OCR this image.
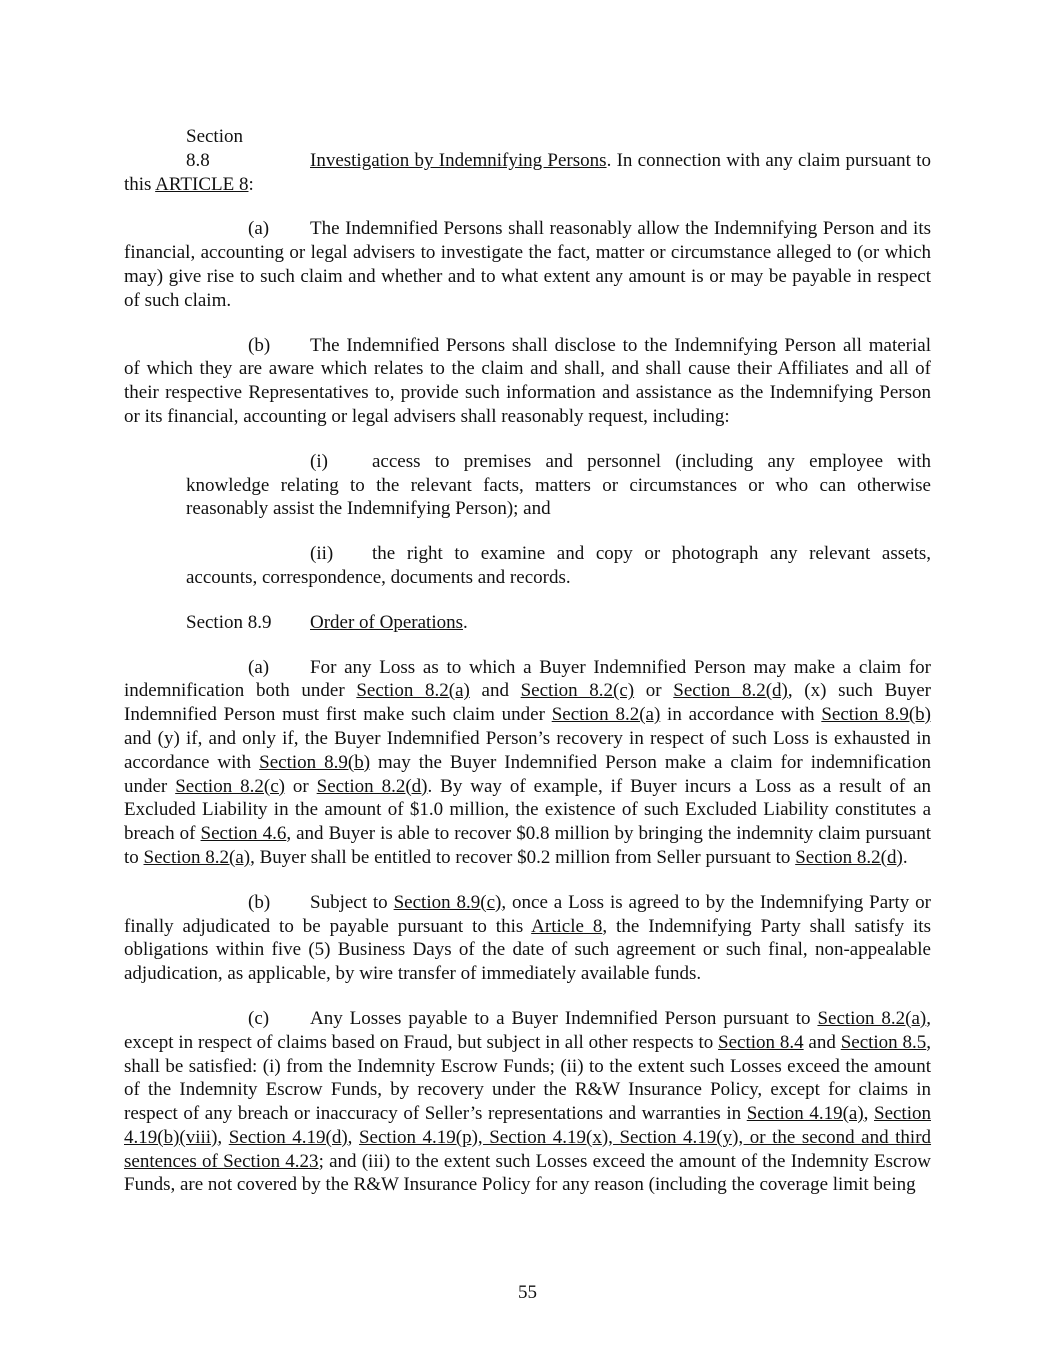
Section 8.8	Investigation by Indemnifying Persons. In connection with any claim pursuant to this ARTICLE 8:

(a) The Indemnified Persons shall reasonably allow the Indemnifying Person and its financial, accounting or legal advisers to investigate the fact, matter or circumstance alleged to (or which may) give rise to such claim and whether and to what extent any amount is or may be payable in respect of such claim.

(b) The Indemnified Persons shall disclose to the Indemnifying Person all material of which they are aware which relates to the claim and shall, and shall cause their Affiliates and all of their respective Representatives to, provide such information and assistance as the Indemnifying Person or its financial, accounting or legal advisers shall reasonably request, including:

(i) access to premises and personnel (including any employee with knowledge relating to the relevant facts, matters or circumstances or who can otherwise reasonably assist the Indemnifying Person); and

(ii) the right to examine and copy or photograph any relevant assets, accounts, correspondence, documents and records.

Section 8.9 Order of Operations.

(a) For any Loss as to which a Buyer Indemnified Person may make a claim for indemnification both under Section 8.2(a) and Section 8.2(c) or Section 8.2(d), (x) such Buyer Indemnified Person must first make such claim under Section 8.2(a) in accordance with Section 8.9(b) and (y) if, and only if, the Buyer Indemnified Person’s recovery in respect of such Loss is exhausted in accordance with Section 8.9(b) may the Buyer Indemnified Person make a claim for indemnification under Section 8.2(c) or Section 8.2(d). By way of example, if Buyer incurs a Loss as a result of an Excluded Liability in the amount of $1.0 million, the existence of such Excluded Liability constitutes a breach of Section 4.6, and Buyer is able to recover $0.8 million by bringing the indemnity claim pursuant to Section 8.2(a), Buyer shall be entitled to recover $0.2 million from Seller pursuant to Section 8.2(d).

(b) Subject to Section 8.9(c), once a Loss is agreed to by the Indemnifying Party or finally adjudicated to be payable pursuant to this Article 8, the Indemnifying Party shall satisfy its obligations within five (5) Business Days of the date of such agreement or such final, non-appealable adjudication, as applicable, by wire transfer of immediately available funds.

(c) Any Losses payable to a Buyer Indemnified Person pursuant to Section 8.2(a), except in respect of claims based on Fraud, but subject in all other respects to Section 8.4 and Section 8.5, shall be satisfied: (i) from the Indemnity Escrow Funds; (ii) to the extent such Losses exceed the amount of the Indemnity Escrow Funds, by recovery under the R&W Insurance Policy, except for claims in respect of any breach or inaccuracy of Seller’s representations and warranties in Section 4.19(a), Section 4.19(b)(viii), Section 4.19(d), Section 4.19(p), Section 4.19(x), Section 4.19(y), or the second and third sentences of Section 4.23; and (iii) to the extent such Losses exceed the amount of the Indemnity Escrow Funds, are not covered by the R&W Insurance Policy for any reason (including the coverage limit being

55
